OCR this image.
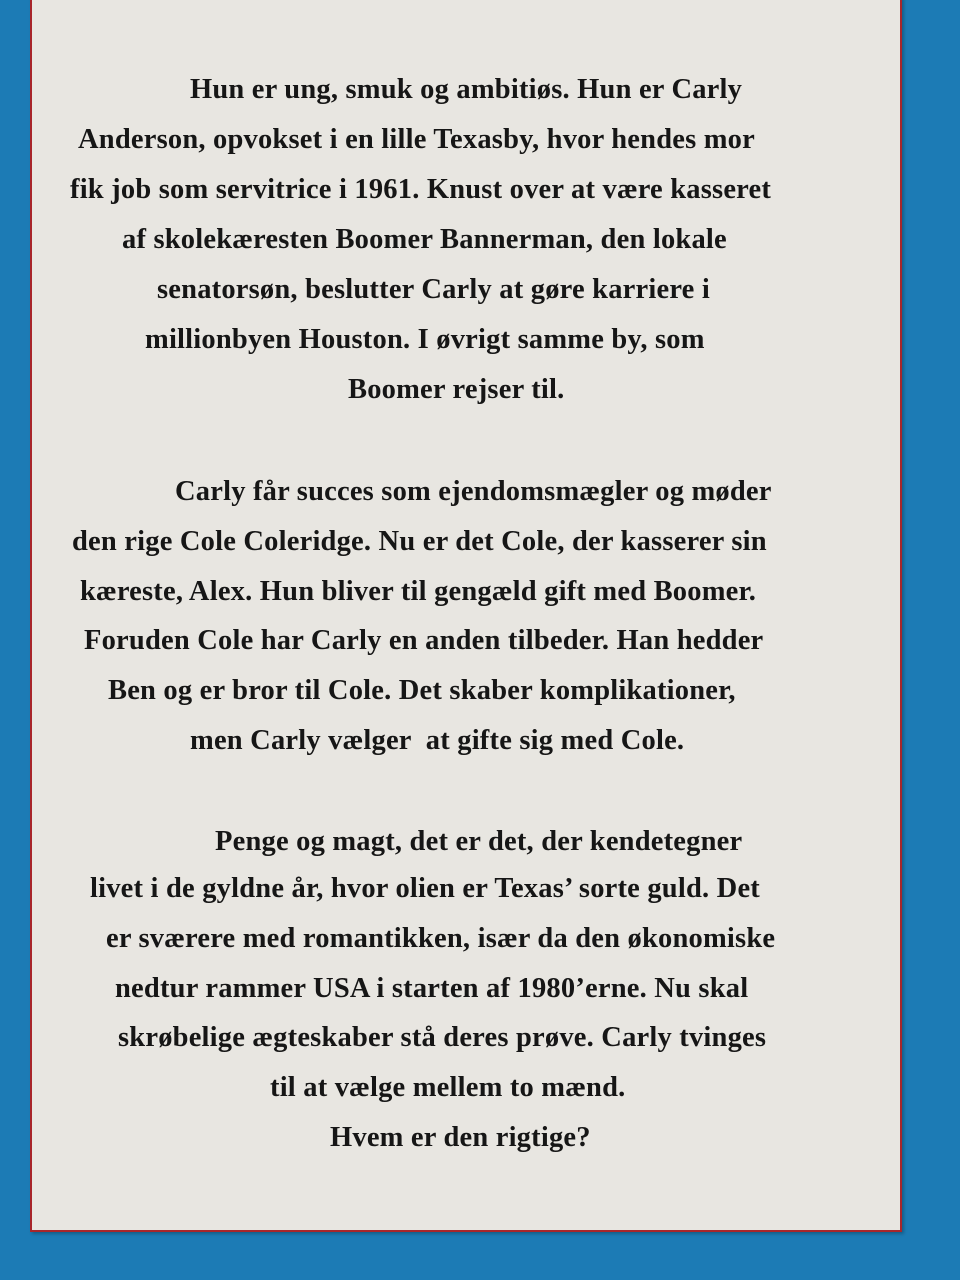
Hun er ung, smuk og ambitiøs. Hun er Carly
Anderson, opvokset i en lille Texasby, hvor hendes mor
fik job som servitrice i 1961. Knust over at være kasseret
af skolekæresten Boomer Bannerman, den lokale
senatorsøn, beslutter Carly at gøre karriere i
millionbyen Houston. I øvrigt samme by, som
Boomer rejser til.
Carly får succes som ejendomsmægler og møder
den rige Cole Coleridge. Nu er det Cole, der kasserer sin
kæreste, Alex. Hun bliver til gengæld gift med Boomer.
Foruden Cole har Carly en anden tilbeder. Han hedder
Ben og er bror til Cole. Det skaber komplikationer,
men Carly vælger  at gifte sig med Cole.
Penge og magt, det er det, der kendetegner
livet i de gyldne år, hvor olien er Texas’ sorte guld. Det
er sværere med romantikken, især da den økonomiske
nedtur rammer USA i starten af 1980’erne. Nu skal
skrøbelige ægteskaber stå deres prøve. Carly tvinges
til at vælge mellem to mænd.
Hvem er den rigtige?
